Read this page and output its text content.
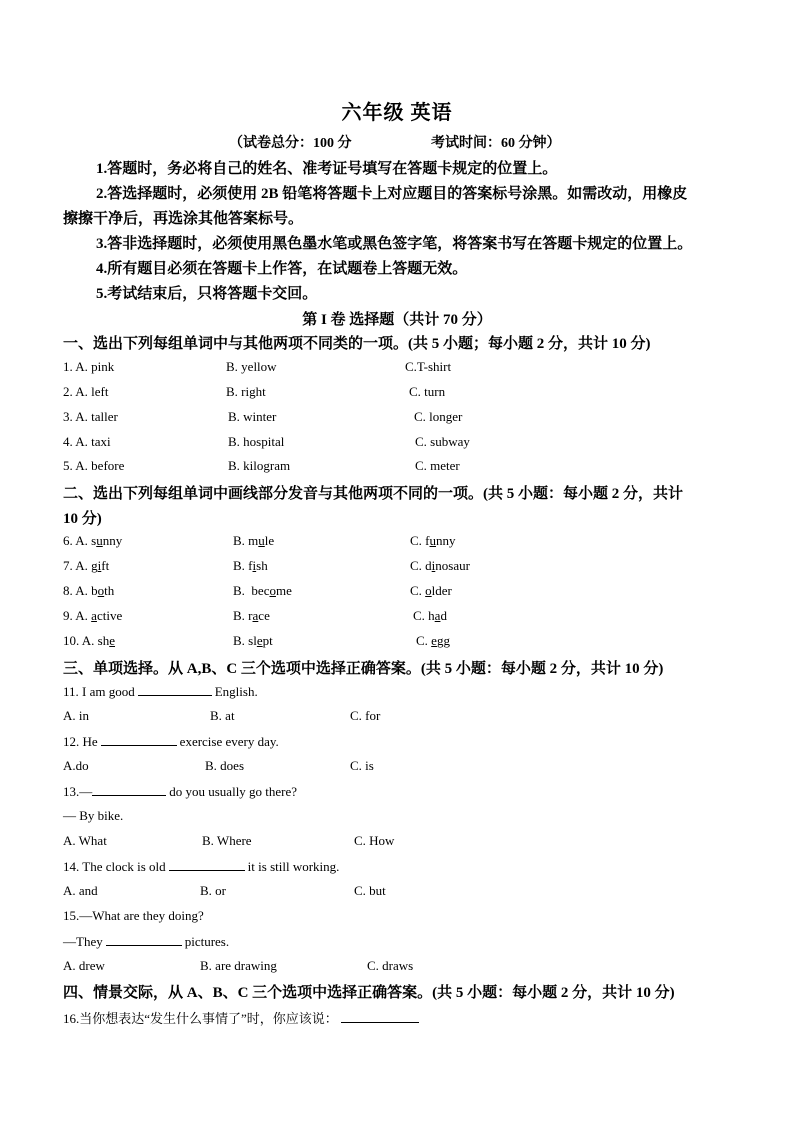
六年级 英语
（试卷总分：100 分	考试时间：60 分钟）
1.答题时，务必将自己的姓名、准考证号填写在答题卡规定的位置上。
2.答选择题时，必须使用 2B 铅笔将答题卡上对应题目的答案标号涂黑。如需改动，用橡皮
擦擦干净后，再选涂其他答案标号。
3.答非选择题时，必须使用黑色墨水笔或黑色签字笔，将答案书写在答题卡规定的位置上。
4.所有题目必须在答题卡上作答，在试题卷上答题无效。
5.考试结束后，只将答题卡交回。
第 I 卷 选择题（共计 70 分）
一、选出下列每组单词中与其他两项不同类的一项。(共 5 小题；每小题 2 分，共计 10 分)
1. A. pink	B. yellow	C.T-shirt
2. A. left	B. right	C. turn
3. A. taller	B. winter	C. longer
4. A. taxi	B. hospital	C. subway
5. A. before	B. kilogram	C. meter
二、选出下列每组单词中画线部分发音与其他两项不同的一项。(共 5 小题：每小题 2 分，共计
10 分)
6. A. sunny	B. mule	C. funny
7. A. gift	B. fish	C. dinosaur
8. A. both	B.  become	C. older
9. A. active	B. race	C. had
10. A. she	B. slept	C. egg
三、单项选择。从 A,B、C 三个选项中选择正确答案。(共 5 小题：每小题 2 分，共计 10 分)
11. I am good	English.
A. in	B. at	C. for
12. He	exercise every day.
A.do	B. does	C. is
13.—	do you usually go there?
— By bike.
A. What	B. Where	C. How
14. The clock is old	it is still working.
A. and	B. or	C. but
15.—What are they doing?
—They	pictures.
A. drew	B. are drawing	C. draws
四、情景交际，从 A、B、C 三个选项中选择正确答案。(共 5 小题：每小题 2 分，共计 10 分)
16.当你想表达“发生什么事情了”时，你应该说：
